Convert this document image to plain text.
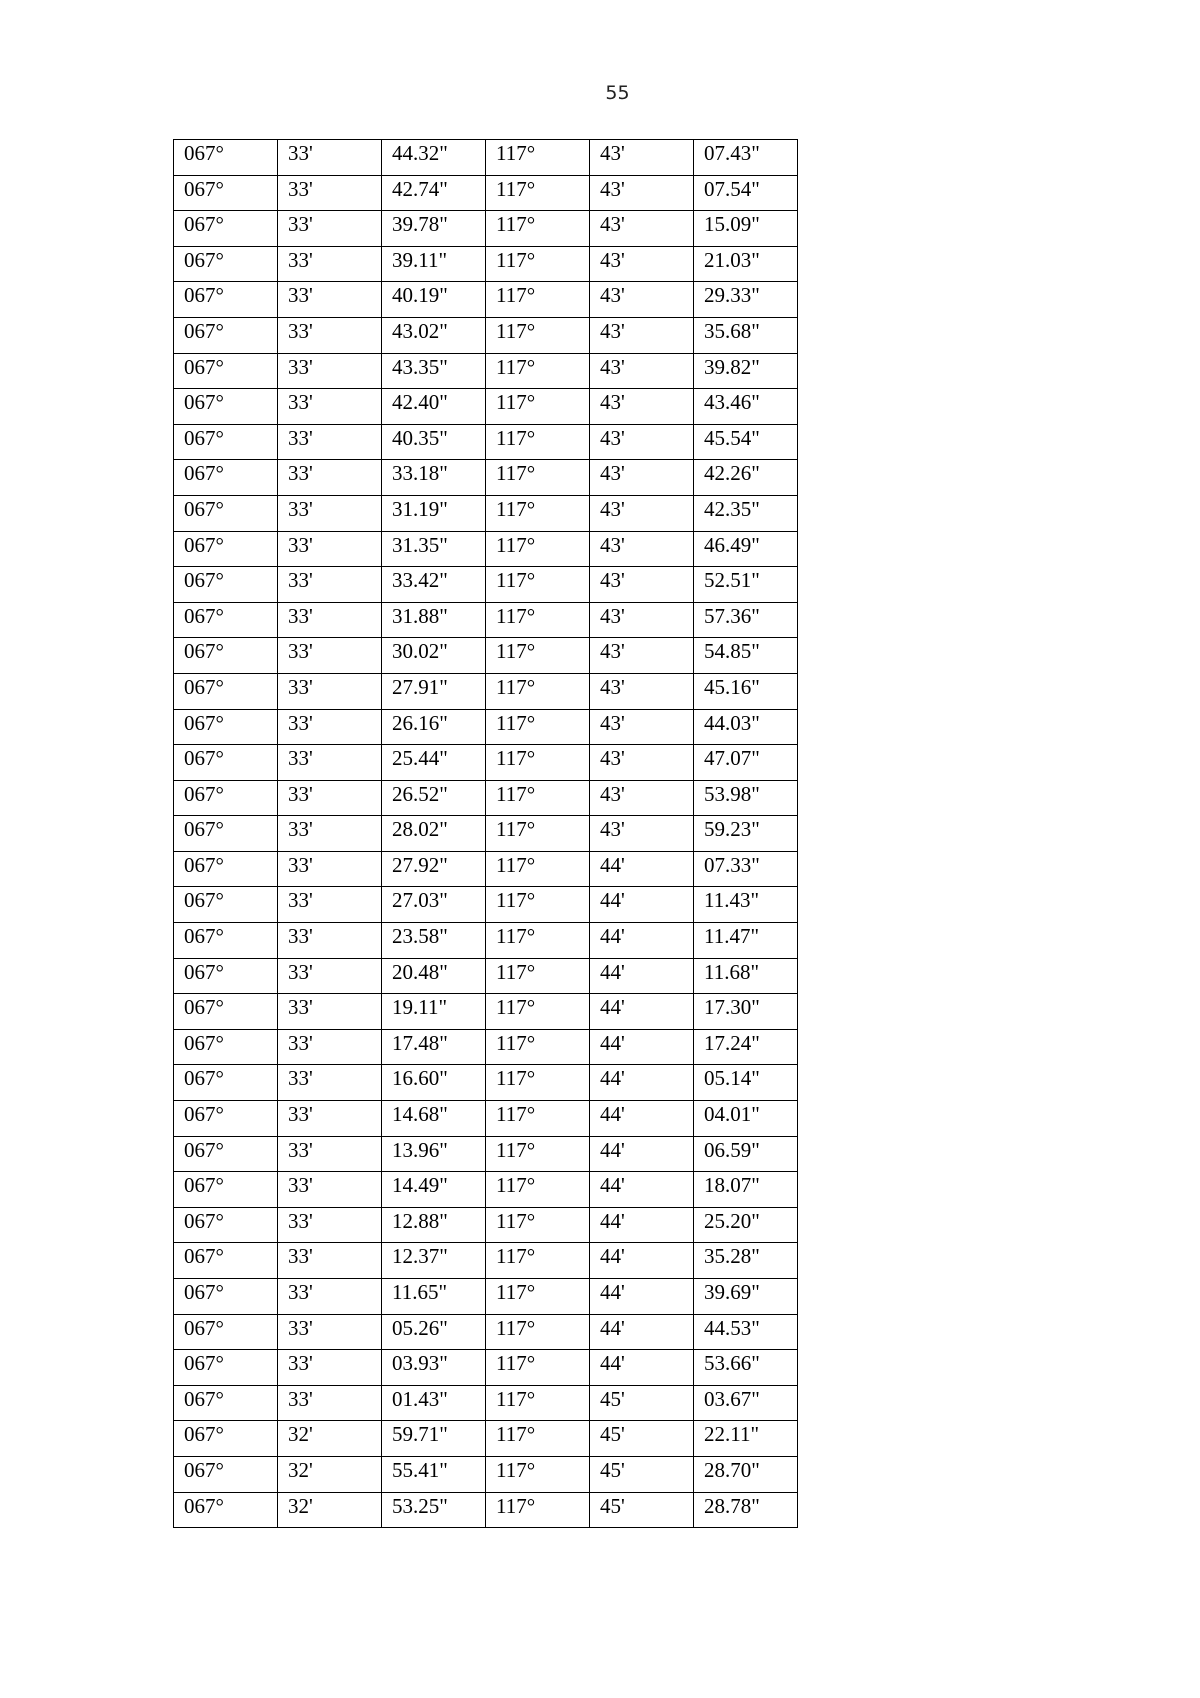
55
067°	33'	44.32"	117°	43'	07.43"
067°	33'	42.74"	117°	43'	07.54"
067°	33'	39.78"	117°	43'	15.09"
067°	33'	39.11"	117°	43'	21.03"
067°	33'	40.19"	117°	43'	29.33"
067°	33'	43.02"	117°	43'	35.68"
067°	33'	43.35"	117°	43'	39.82"
067°	33'	42.40"	117°	43'	43.46"
067°	33'	40.35"	117°	43'	45.54"
067°	33'	33.18"	117°	43'	42.26"
067°	33'	31.19"	117°	43'	42.35"
067°	33'	31.35"	117°	43'	46.49"
067°	33'	33.42"	117°	43'	52.51"
067°	33'	31.88"	117°	43'	57.36"
067°	33'	30.02"	117°	43'	54.85"
067°	33'	27.91"	117°	43'	45.16"
067°	33'	26.16"	117°	43'	44.03"
067°	33'	25.44"	117°	43'	47.07"
067°	33'	26.52"	117°	43'	53.98"
067°	33'	28.02"	117°	43'	59.23"
067°	33'	27.92"	117°	44'	07.33"
067°	33'	27.03"	117°	44'	11.43"
067°	33'	23.58"	117°	44'	11.47"
067°	33'	20.48"	117°	44'	11.68"
067°	33'	19.11"	117°	44'	17.30"
067°	33'	17.48"	117°	44'	17.24"
067°	33'	16.60"	117°	44'	05.14"
067°	33'	14.68"	117°	44'	04.01"
067°	33'	13.96"	117°	44'	06.59"
067°	33'	14.49"	117°	44'	18.07"
067°	33'	12.88"	117°	44'	25.20"
067°	33'	12.37"	117°	44'	35.28"
067°	33'	11.65"	117°	44'	39.69"
067°	33'	05.26"	117°	44'	44.53"
067°	33'	03.93"	117°	44'	53.66"
067°	33'	01.43"	117°	45'	03.67"
067°	32'	59.71"	117°	45'	22.11"
067°	32'	55.41"	117°	45'	28.70"
067°	32'	53.25"	117°	45'	28.78"
